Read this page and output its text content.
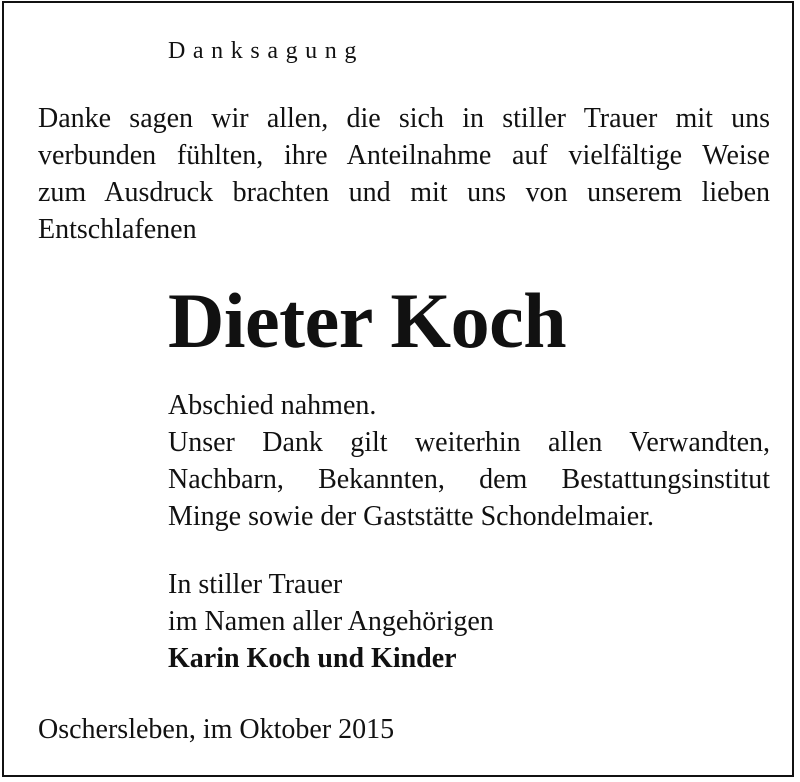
Danksagung
Danke sagen wir allen, die sich in stiller Trauer mit uns
verbunden fühlten, ihre Anteilnahme auf vielfältige Weise
zum Ausdruck brachten und mit uns von unserem lieben
Entschlafenen
Dieter Koch
Abschied nahmen.
Unser Dank gilt weiterhin allen Verwandten,
Nachbarn, Bekannten, dem Bestattungsinstitut
Minge sowie der Gaststätte Schondelmaier.
In stiller Trauer
im Namen aller Angehörigen
Karin Koch und Kinder
Oschersleben, im Oktober 2015
